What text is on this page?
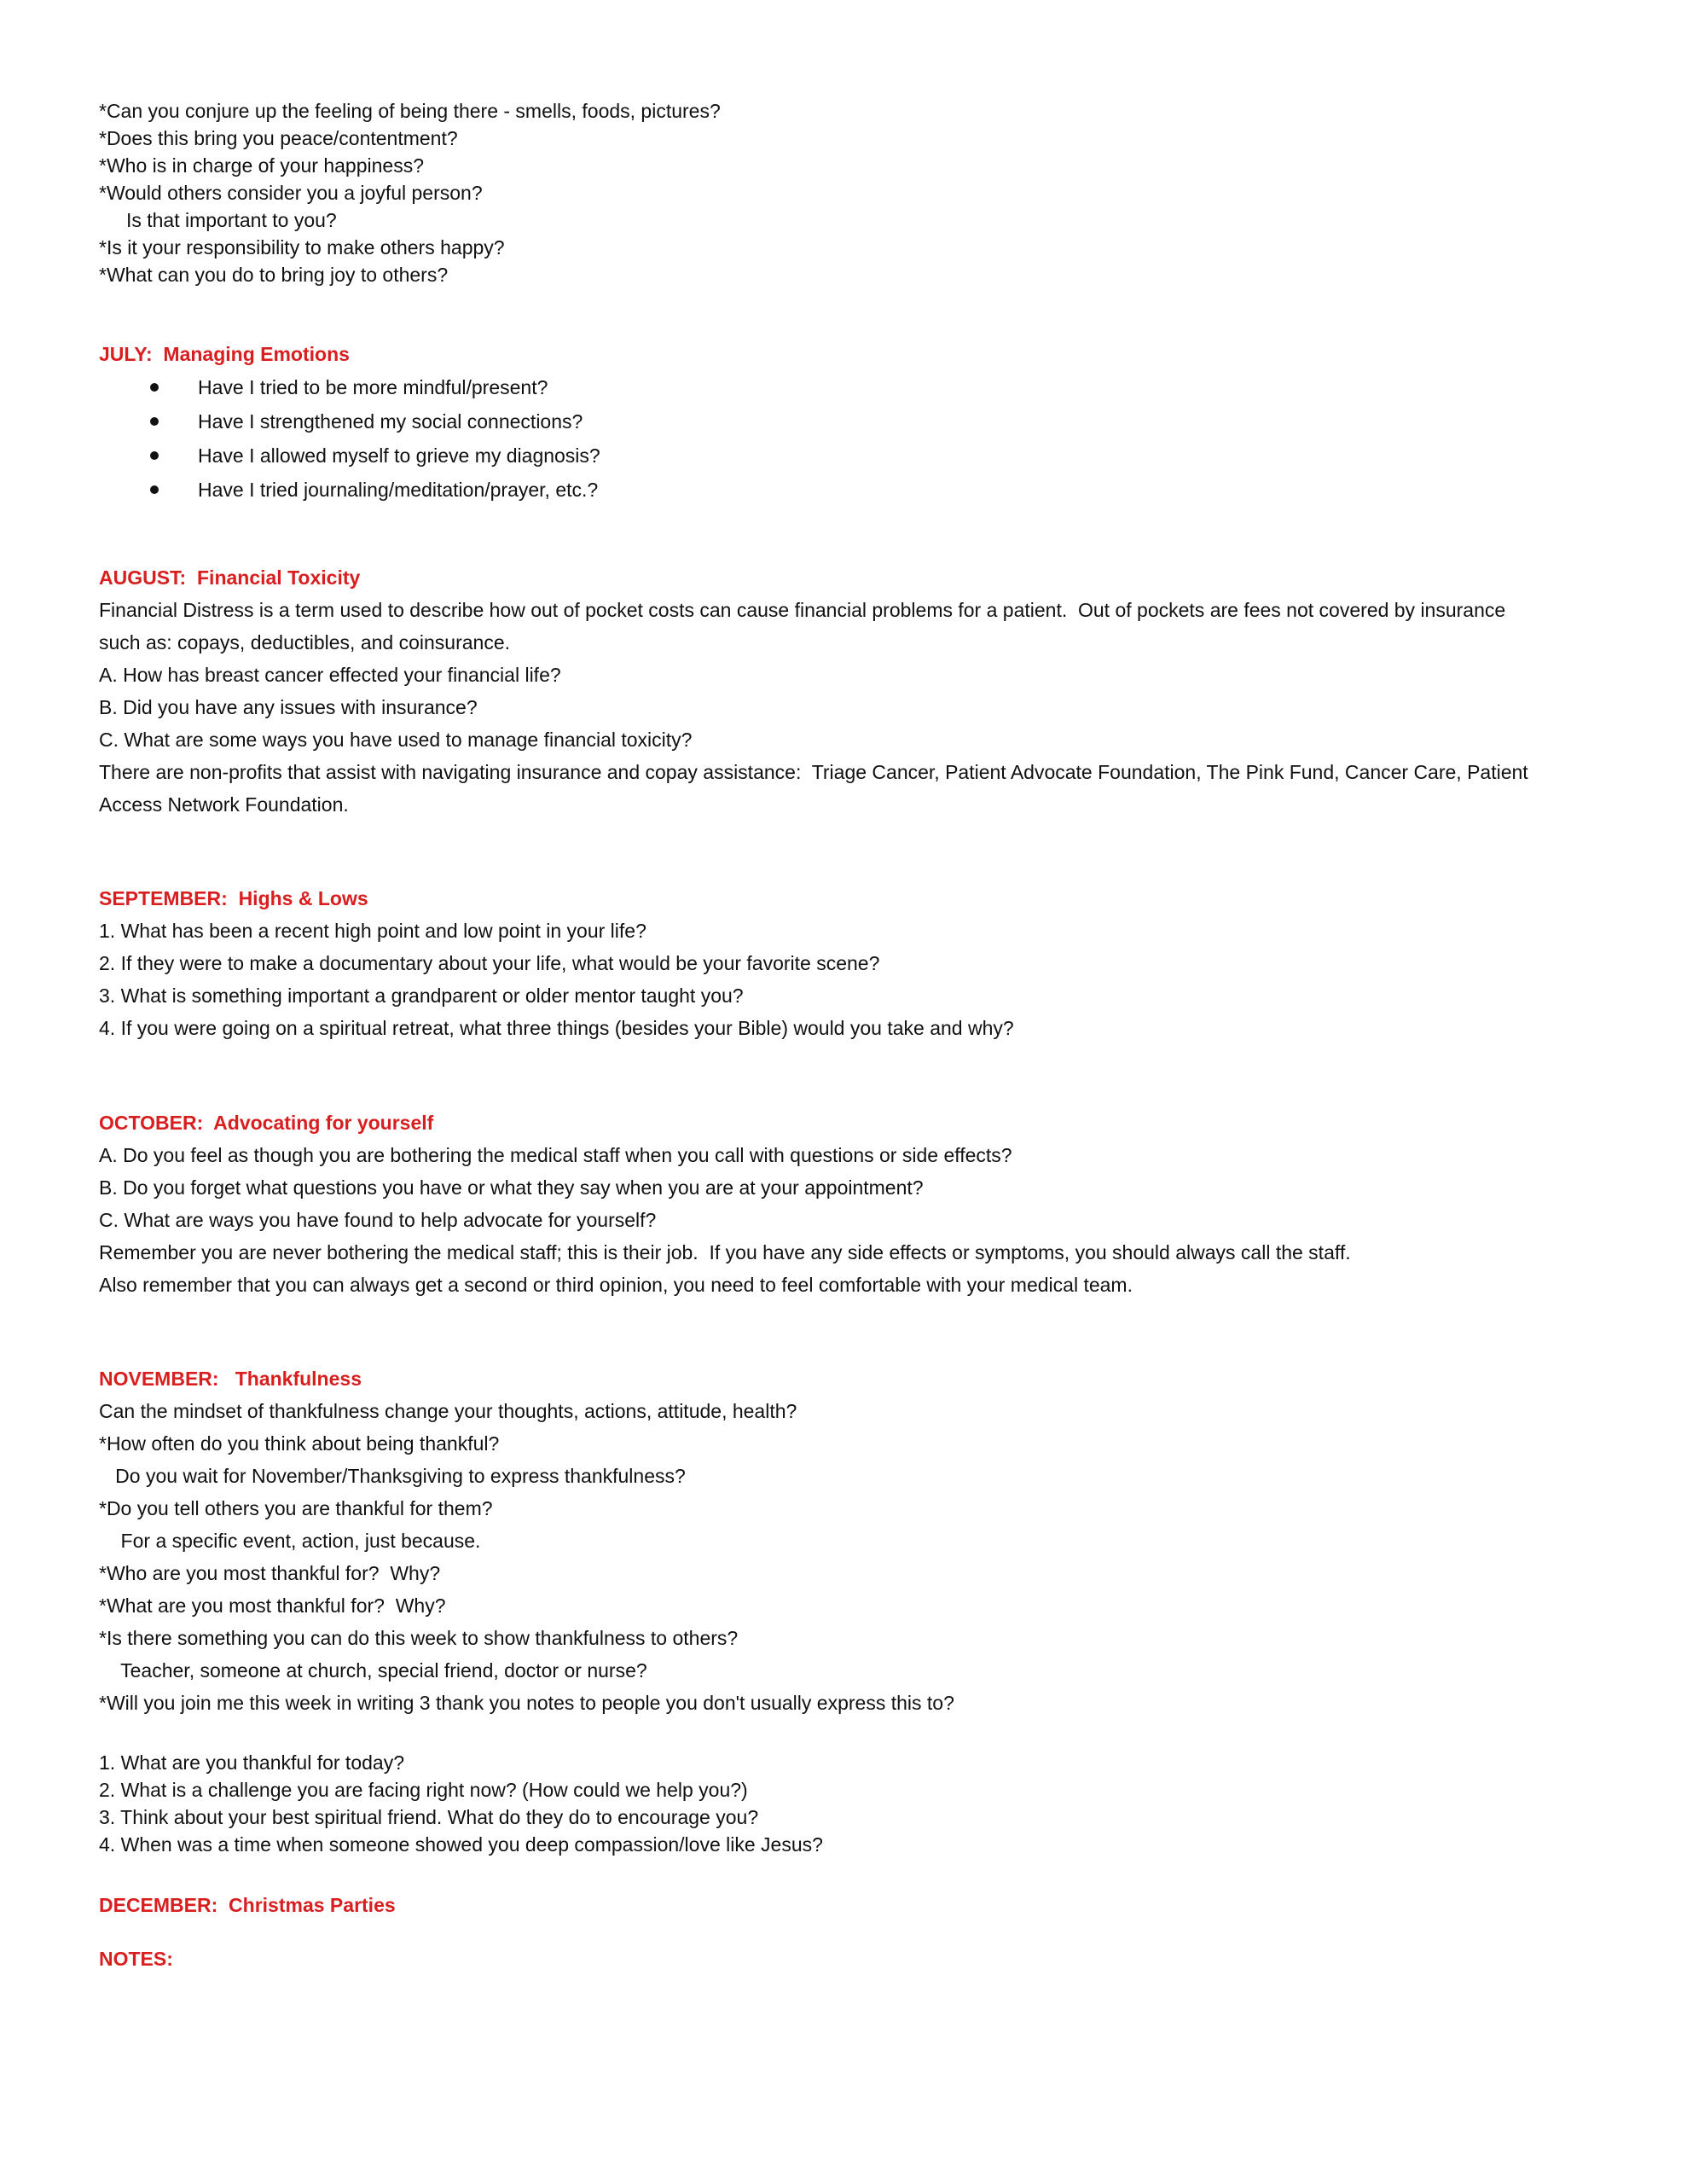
*Can you conjure up the feeling of being there - smells, foods, pictures?
*Does this bring you peace/contentment?
*Who is in charge of your happiness?
*Would others consider you a joyful person?
Is that important to you?
*Is it your responsibility to make others happy?
*What can you do to bring joy to others?
JULY:  Managing Emotions
Have I tried to be more mindful/present?
Have I strengthened my social connections?
Have I allowed myself to grieve my diagnosis?
Have I tried journaling/meditation/prayer, etc.?
AUGUST:  Financial Toxicity
Financial Distress is a term used to describe how out of pocket costs can cause financial problems for a patient.  Out of pockets are fees not covered by insurance
such as: copays, deductibles, and coinsurance.
A. How has breast cancer effected your financial life?
B. Did you have any issues with insurance?
C. What are some ways you have used to manage financial toxicity?
There are non-profits that assist with navigating insurance and copay assistance:  Triage Cancer, Patient Advocate Foundation, The Pink Fund, Cancer Care, Patient
Access Network Foundation.
SEPTEMBER:  Highs & Lows
1. What has been a recent high point and low point in your life?
2. If they were to make a documentary about your life, what would be your favorite scene?
3. What is something important a grandparent or older mentor taught you?
4. If you were going on a spiritual retreat, what three things (besides your Bible) would you take and why?
OCTOBER:  Advocating for yourself
A. Do you feel as though you are bothering the medical staff when you call with questions or side effects?
B. Do you forget what questions you have or what they say when you are at your appointment?
C. What are ways you have found to help advocate for yourself?
Remember you are never bothering the medical staff; this is their job.  If you have any side effects or symptoms, you should always call the staff.
Also remember that you can always get a second or third opinion, you need to feel comfortable with your medical team.
NOVEMBER:   Thankfulness
Can the mindset of thankfulness change your thoughts, actions, attitude, health?
*How often do you think about being thankful?
Do you wait for November/Thanksgiving to express thankfulness?
*Do you tell others you are thankful for them?
For a specific event, action, just because.
*Who are you most thankful for?  Why?
*What are you most thankful for?  Why?
*Is there something you can do this week to show thankfulness to others?
Teacher, someone at church, special friend, doctor or nurse?
*Will you join me this week in writing 3 thank you notes to people you don't usually express this to?
1. What are you thankful for today?
2. What is a challenge you are facing right now? (How could we help you?)
3. Think about your best spiritual friend. What do they do to encourage you?
4. When was a time when someone showed you deep compassion/love like Jesus?
DECEMBER:  Christmas Parties
NOTES:
